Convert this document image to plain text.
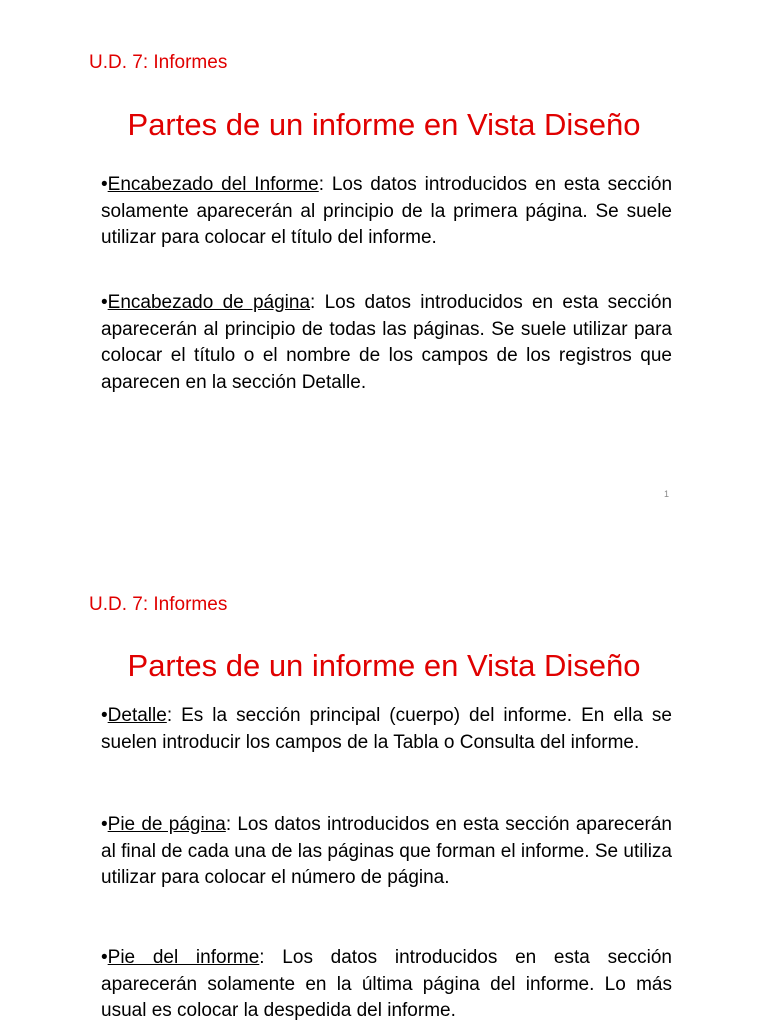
U.D. 7: Informes
Partes de un informe en Vista Diseño

•Encabezado del Informe: Los datos introducidos en esta sección solamente aparecerán al principio de la primera página. Se suele utilizar para colocar el título del informe.

•Encabezado de página: Los datos introducidos en esta sección aparecerán al principio de todas las páginas. Se suele utilizar para colocar el título o el nombre de los campos de los registros que aparecen en la sección Detalle.

1
U.D. 7: Informes
Partes de un informe en Vista Diseño

•Detalle: Es la sección principal (cuerpo) del informe. En ella se suelen introducir los campos de la Tabla o Consulta del informe.

•Pie de página: Los datos introducidos en esta sección aparecerán al final de cada una de las páginas que forman el informe. Se utiliza utilizar para colocar el número de página.

•Pie del informe: Los datos introducidos en esta sección aparecerán solamente en la última página del informe. Lo más usual es colocar la despedida del informe.
